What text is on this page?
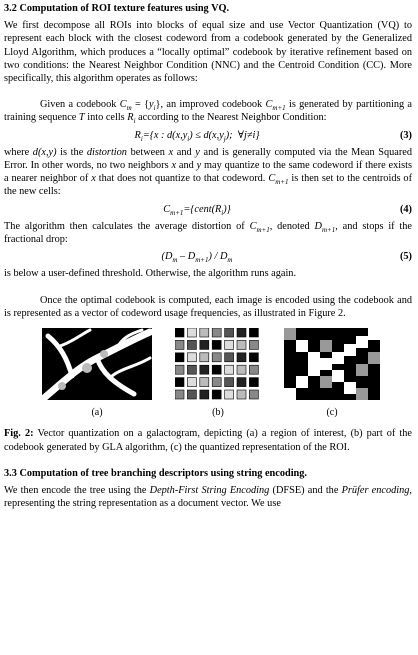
3.2 Computation of ROI texture features using VQ.

We first decompose all ROIs into blocks of equal size and use Vector Quantization (VQ) to represent each block with the closest codeword from a codebook generated by the Generalized Lloyd Algorithm, which produces a “locally optimal” codebook by iterative refinement based on two conditions: the Nearest Neighbor Condition (NNC) and the Centroid Condition (CC). More specifically, this algorithm operates as follows:

Given a codebook $C_m = \{y_i\}$, an improved codebook $C_{m+1}$ is generated by partitioning a training sequence T into cells $R_i$ according to the Nearest Neighbor Condition:

$R_i=\{x$ : $d(x,y_i) \le d(x,y_j)$;  ∀j≠i}	(3)

where d(x,y) is the distortion between x and y and is generally computed via the Mean Squared Error. In other words, no two neighbors x and y may quantize to the same codeword if there exists a nearer neighbor of x that does not quantize to that codeword. $C_{m+1}$ is then set to the centroids of the new cells:

$C_{m+1}=\{cent(R_i)\}$	(4)

The algorithm then calculates the average distortion of $C_{m+1}$, denoted $D_{m+1}$, and stops if the fractional drop:

$(D_m - D_{m+1}) / D_m$	(5)

is below a user-defined threshold. Otherwise, the algorithm runs again.

Once the optimal codebook is computed, each image is encoded using the codebook and is represented as a vector of codeword usage frequencies, as illustrated in Figure 2.

(a)	(b)	(c)

Fig. 2: Vector quantization on a galactogram, depicting (a) a region of interest, (b) part of the codebook generated by GLA algorithm, (c) the quantized representation of the ROI.

3.3 Computation of tree branching descriptors using string encoding.

We then encode the tree using the Depth-First String Encoding (DFSE) and the Prüfer encoding, representing the string representation as a document vector. We use
